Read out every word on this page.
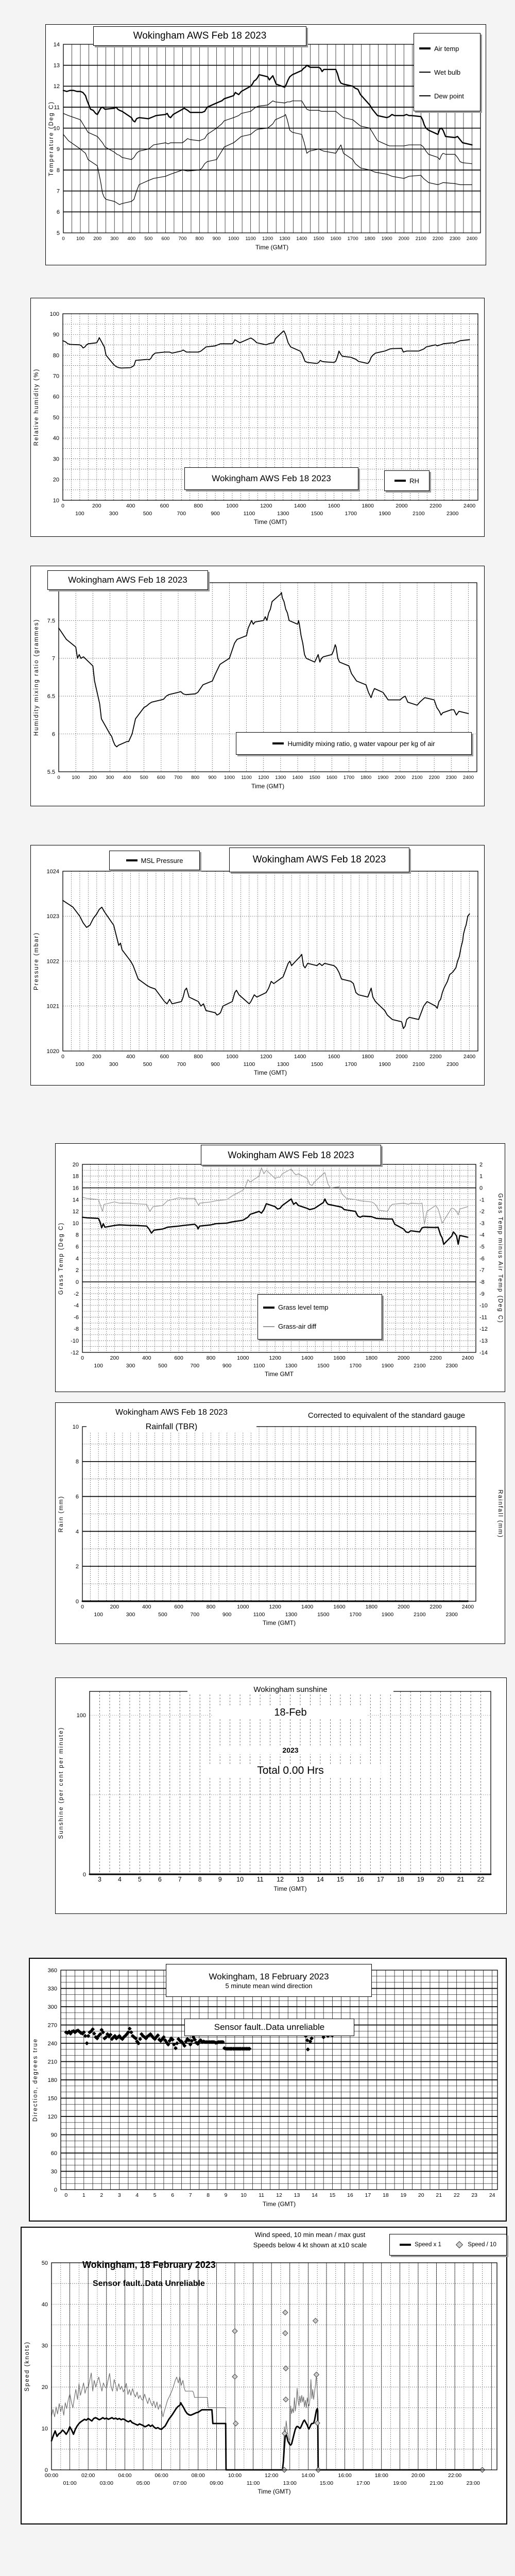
5
6
7
8
9
10
11
12
13
14
0 100 200 300 400 500 600 700 800 900 1000 1100 1200 1300 1400 1500 1600 1700 1800 1900 2000 2100 2200 2300 2400
Time (GMT)
Temperature (Deg C)
Wokingham AWS Feb 18 2023
Air temp
Wet bulb
Dew point
10
20
30
40
50
60
70
80
90
100
0
100
200
300
400
500
600
700
800
900
1000
1100
1200
1300
1400
1500
1600
1700
1800
1900
2000
2100
2200
2300
2400
Time (GMT)
Relative humidity (%)
Wokingham AWS Feb 18 2023	RH
5.5
6
6.5
7
7.5
0 100 200 300 400 500 600 700 800 900 1000 1100 1200 1300 1400 1500 1600 1700 1800 1900 2000 2100 2200 2300 2400
Time (GMT)
Humidity mixing ratio (grammes)
Wokingham AWS Feb 18 2023
Humidity mixing ratio, g water vapour per kg of air
1020
1021
1022
1023
1024
0
100
200
300
400
500
600
700
800
900
1000
1100
1200
1300
1400
1500
1600
1700
1800
1900
2000
2100
2200
2300
2400
Time (GMT)
Pressure (mbar)
MSL Pressure	Wokingham AWS Feb 18 2023
-12
-10
-8
-6
-4
-2
0
2
4
6
8
10
12
14
16
18
20
-14
-13
-12
-11
-10
-9
-8
-7
-6
-5
-4
-3
-2
-1
0
1
2
0
100
200
300
400
500
600
700
800
900
1000
1100
1200
1300
1400
1500
1600
1700
1800
1900
2000
2100
2200
2300
2400
Time GMT
Grass Temp (Deg C)	Grass Temp minus Air Temp (Deg C)
Wokingham AWS Feb 18 2023
Grass level temp
Grass-air diff
0
2
4
6
8
10
0
100
200
300
400
500
600
700
800
900
1000
1100
1200
1300
1400
1500
1600
1700
1800
1900
2000
2100
2200
2300
2400
Time (GMT)
Rain (mm)	Rainfall (mm)
Wokingham AWS Feb 18 2023
Rainfall (TBR)
Corrected to equivalent of the standard gauge
0
100
3	4	5	6	7	8	9 10 11 12 13 14 15 16 17 18 19 20 21 22
Time (GMT)
Sunshine (per cent per minute)
Wokingham sunshine
18-Feb
2023
Total 0.00 Hrs
0
30
60
90
120
150
180
210
240
270
300
330
360
0	1	2	3	4	5	6	7	8	9 10 11 12 13 14 15 16 17 18 19 20 21 22 23 24
Time (GMT)
Direction, degrees true
Wokingham, 18 February 2023
5 minute mean wind direction
Sensor fault..Data unreliable
0
10
20
30
40
50
00:00
01:00
02:00
03:00
04:00
05:00
06:00
07:00
08:00
09:00
10:00
11:00
12:00
13:00
14:00
15:00
16:00
17:00
18:00
19:00
20:00
21:00
22:00
23:00
Time (GMT)
Speed (knots)
Wind speed, 10 min mean / max gust
Speeds below 4 kt shown at x10 scale	Speed x 1	Speed / 10
Wokingham, 18 February 2023
Sensor fault..Data Unreliable
